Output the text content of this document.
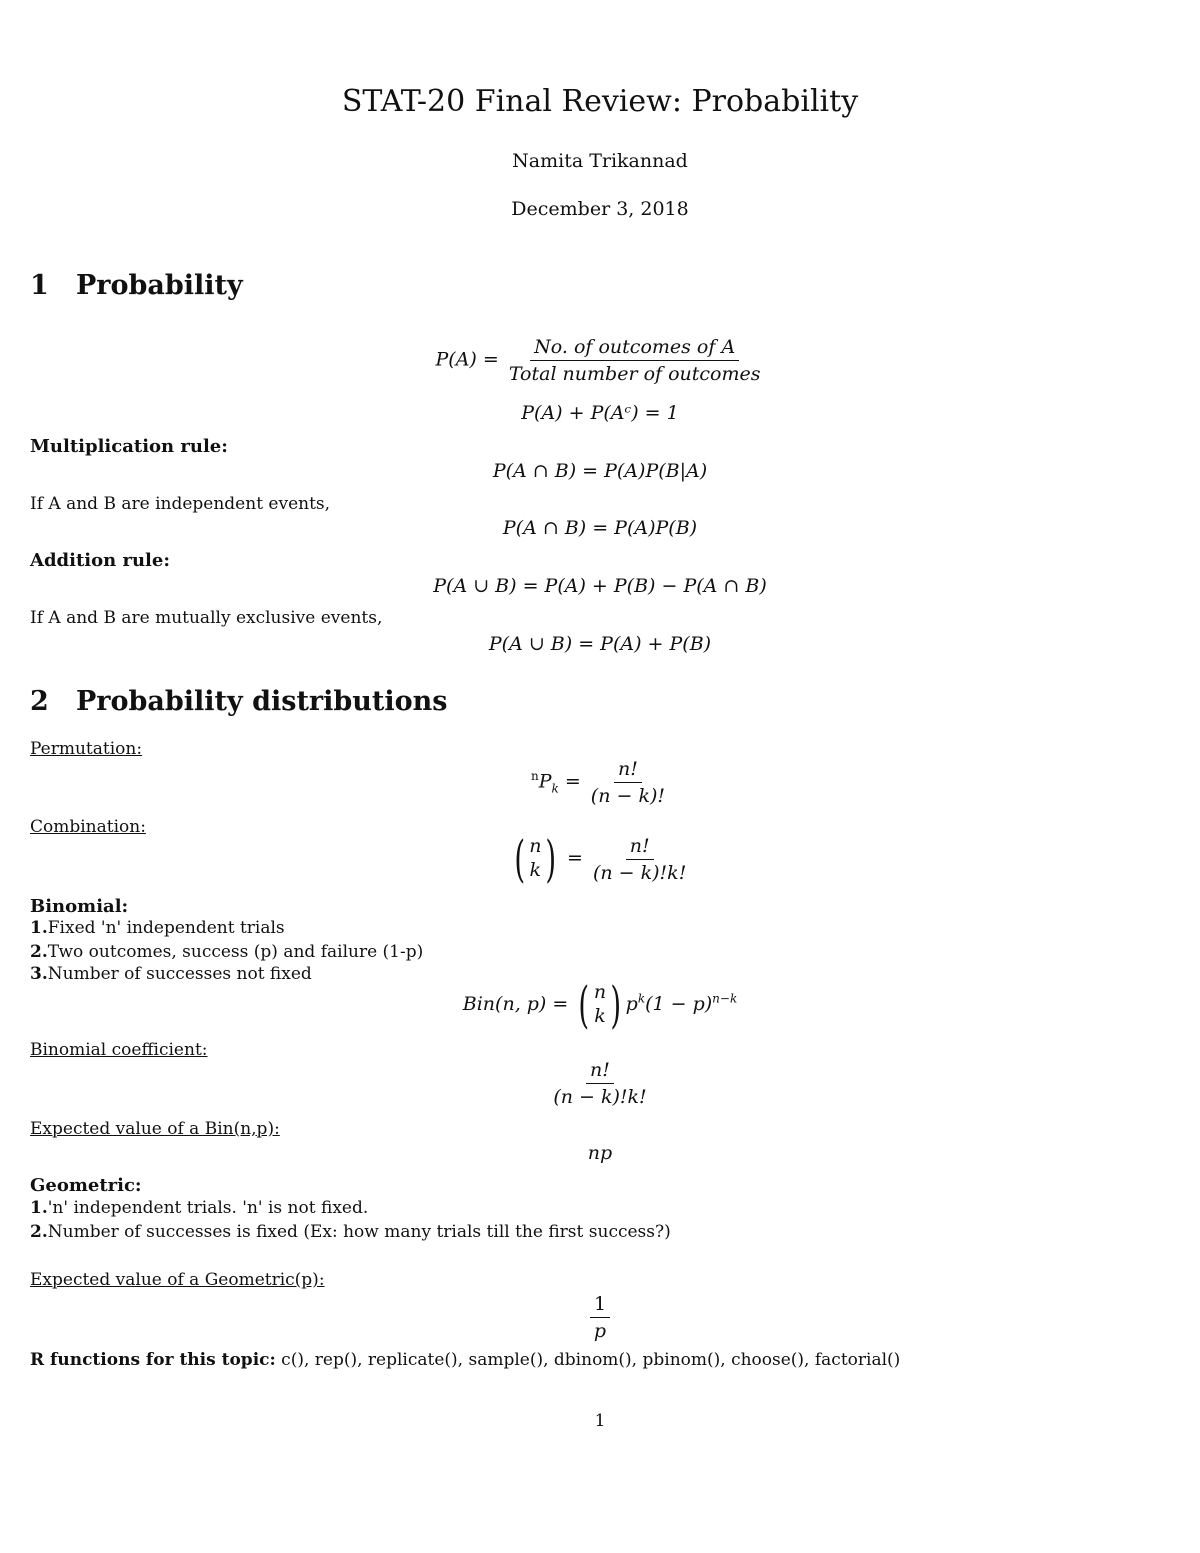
STAT-20 Final Review: Probability
Namita Trikannad
December 3, 2018
1 Probability
$P(A) = \frac{\text{No. of outcomes of A}}{\text{Total number of outcomes}}$
P(A) + P(Aᶜ) = 1
Multiplication rule:
P(A ∩ B) = P(A)P(B|A)
If A and B are independent events,
P(A ∩ B) = P(A)P(B)
Addition rule:
P(A ∪ B) = P(A) + P(B) − P(A ∩ B)
If A and B are mutually exclusive events,
P(A ∪ B) = P(A) + P(B)
2 Probability distributions
Permutation:
$^nP_k = \frac{n!}{(n - k)!}$
Combination:
( n
k ) = $\frac{n!}{(n - k)!k!}$
Binomial:
1.Fixed 'n' independent trials
2.Two outcomes, success (p) and failure (1-p)
3.Number of successes not fixed
Bin(n, p) = ( n
k ) $p^k(1 - p)^{n-k}$
Binomial coefficient:
$\frac{n!}{(n - k)!k!}$
Expected value of a Bin(n,p):
np
Geometric:
1.'n' independent trials. 'n' is not fixed.
2.Number of successes is fixed (Ex: how many trials till the first success?)
Expected value of a Geometric(p):
$\frac{1}{p}$
R functions for this topic: c(), rep(), replicate(), sample(), dbinom(), pbinom(), choose(), factorial()
1
